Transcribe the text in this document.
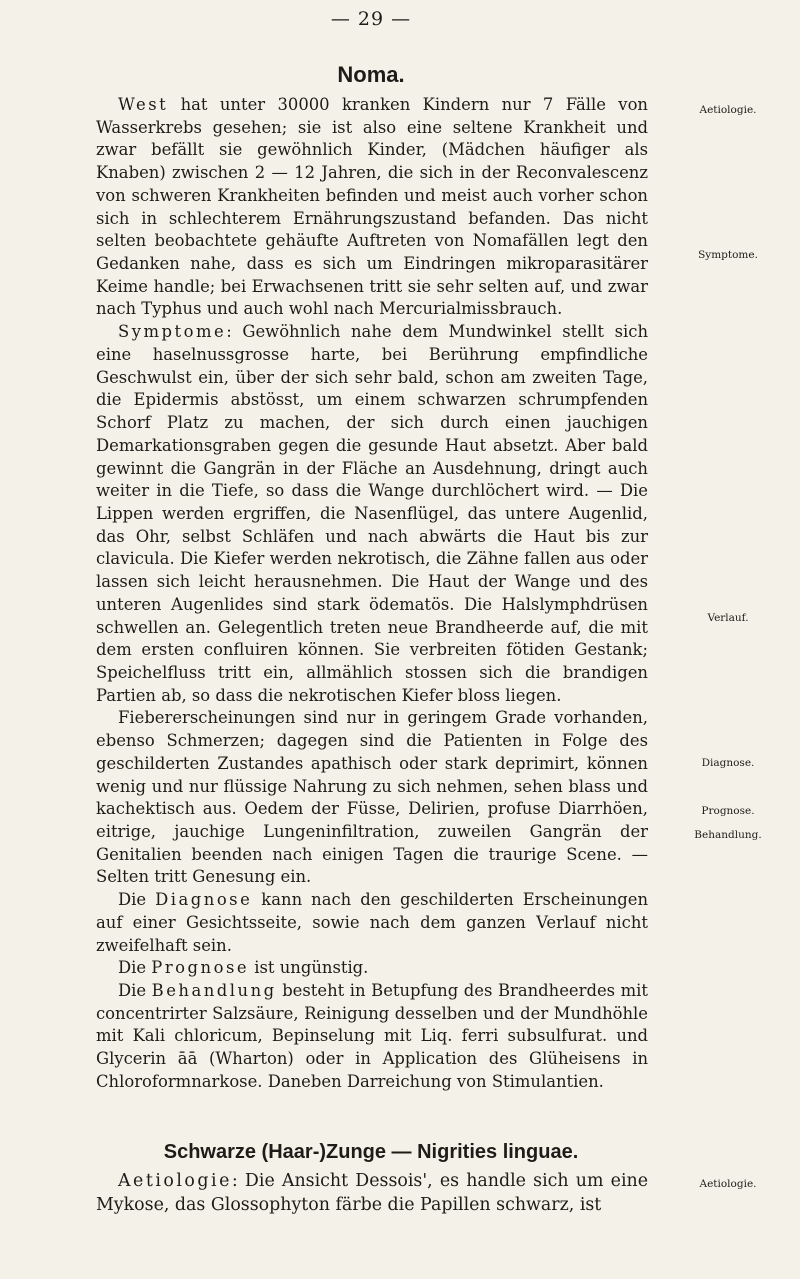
— 29 —
Noma.

West hat unter 30000 kranken Kindern nur 7 Fälle von Wasserkrebs gesehen; sie ist also eine seltene Krankheit und zwar befällt sie gewöhnlich Kinder, (Mädchen häufiger als Knaben) zwischen 2 — 12 Jahren, die sich in der Reconvalescenz von schweren Krankheiten befinden und meist auch vorher schon sich in schlechterem Ernährungszustand befanden. Das nicht selten beobachtete gehäufte Auftreten von Nomafällen legt den Gedanken nahe, dass es sich um Eindringen mikroparasitärer Keime handle; bei Erwachsenen tritt sie sehr selten auf, und zwar nach Typhus und auch wohl nach Mercurialmissbrauch.

Symptome: Gewöhnlich nahe dem Mundwinkel stellt sich eine haselnussgrosse harte, bei Berührung empfindliche Geschwulst ein, über der sich sehr bald, schon am zweiten Tage, die Epidermis abstösst, um einem schwarzen schrumpfenden Schorf Platz zu machen, der sich durch einen jauchigen Demarkationsgraben gegen die gesunde Haut absetzt. Aber bald gewinnt die Gangrän in der Fläche an Ausdehnung, dringt auch weiter in die Tiefe, so dass die Wange durchlöchert wird. — Die Lippen werden ergriffen, die Nasenflügel, das untere Augenlid, das Ohr, selbst Schläfen und nach abwärts die Haut bis zur clavicula. Die Kiefer werden nekrotisch, die Zähne fallen aus oder lassen sich leicht herausnehmen. Die Haut der Wange und des unteren Augenlides sind stark ödematös. Die Halslymphdrüsen schwellen an. Gelegentlich treten neue Brandheerde auf, die mit dem ersten confluiren können. Sie verbreiten fötiden Gestank; Speichelfluss tritt ein, allmählich stossen sich die brandigen Partien ab, so dass die nekrotischen Kiefer bloss liegen.

Fiebererscheinungen sind nur in geringem Grade vorhanden, ebenso Schmerzen; dagegen sind die Patienten in Folge des geschilderten Zustandes apathisch oder stark deprimirt, können wenig und nur flüssige Nahrung zu sich nehmen, sehen blass und kachektisch aus. Oedem der Füsse, Delirien, profuse Diarrhöen, eitrige, jauchige Lungeninfiltration, zuweilen Gangrän der Genitalien beenden nach einigen Tagen die traurige Scene. — Selten tritt Genesung ein.

Die Diagnose kann nach den geschilderten Erscheinungen auf einer Gesichtsseite, sowie nach dem ganzen Verlauf nicht zweifelhaft sein.

Die Prognose ist ungünstig.

Die Behandlung besteht in Betupfung des Brandheerdes mit concentrirter Salzsäure, Reinigung desselben und der Mundhöhle mit Kali chloricum, Bepinselung mit Liq. ferri subsulfurat. und Glycerin āā (Wharton) oder in Application des Glüheisens in Chloroformnarkose. Daneben Darreichung von Stimulantien.

Schwarze (Haar-)Zunge — Nigrities linguae.

Aetiologie: Die Ansicht Dessois', es handle sich um eine Mykose, das Glossophyton färbe die Papillen schwarz, ist

Aetiologie.
Symptome.
Verlauf.
Diagnose.
Prognose.
Behandlung.
Aetiologie.
